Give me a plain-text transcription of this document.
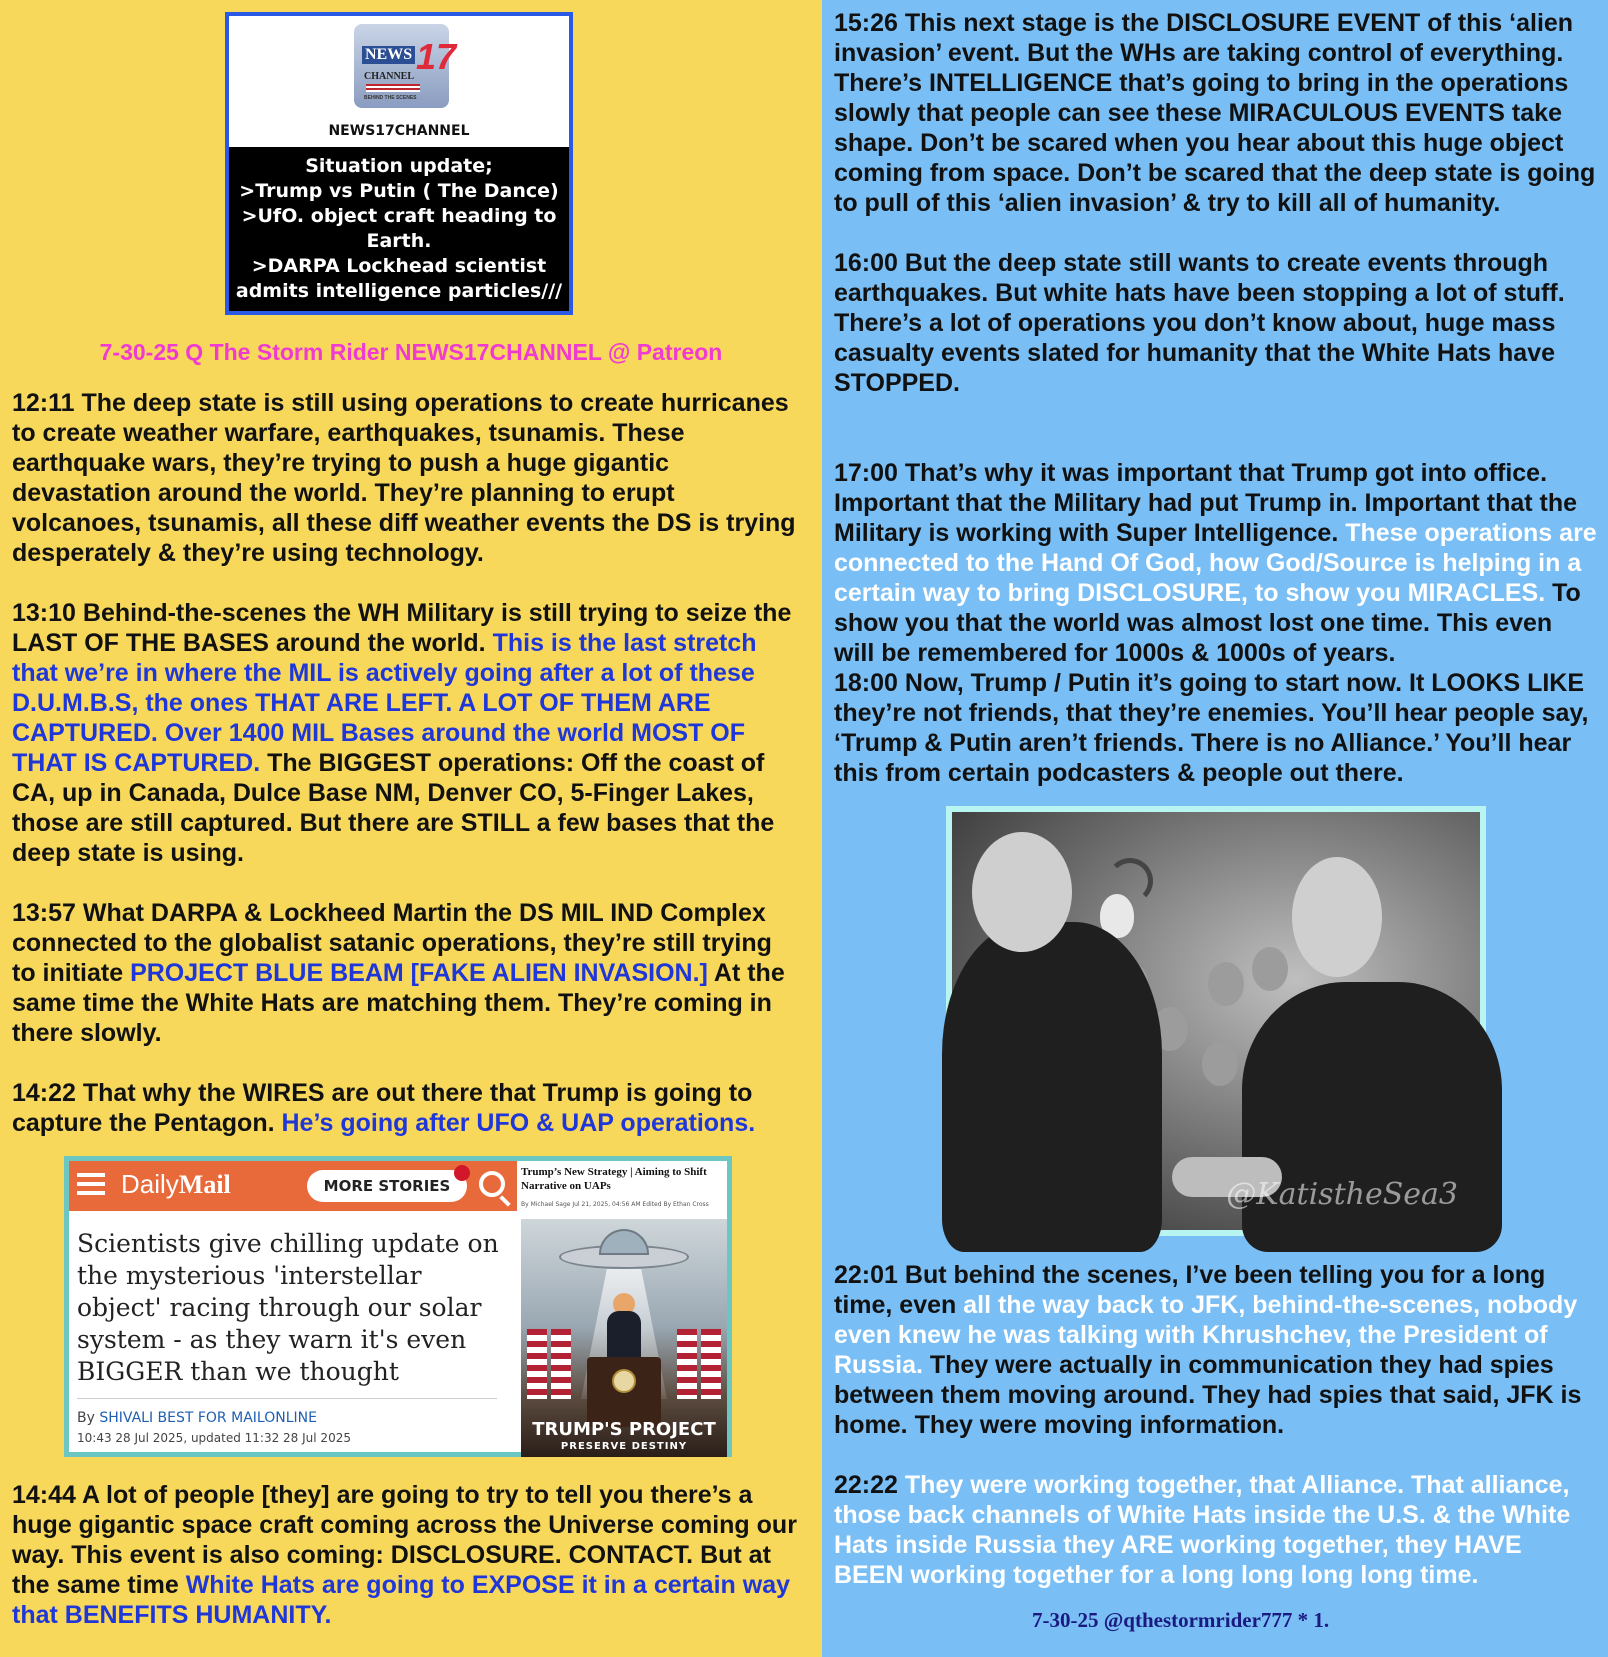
NEWS
CHANNEL
BEHIND THE SCENES
17
NEWS17CHANNEL
Situation update;
>Trump vs Putin ( The Dance)
>UfO. object craft heading to
Earth.
>DARPA Lockhead scientist
admits intelligence particles///
7-30-25 Q The Storm Rider NEWS17CHANNEL @ Patreon
12:11 The deep state is still using operations to create hurricanes to create weather warfare, earthquakes, tsunamis. These earthquake wars, they’re trying to push a huge gigantic devastation around the world. They’re planning to erupt volcanoes, tsunamis, all these diff weather events the DS is trying desperately & they’re using technology.
13:10 Behind-the-scenes the WH Military is still trying to seize the LAST OF THE BASES around the world. This is the last stretch that we’re in where the MIL is actively going after a lot of these D.U.M.B.S, the ones THAT ARE LEFT. A LOT OF THEM ARE CAPTURED. Over 1400 MIL Bases around the world MOST OF THAT IS CAPTURED. The BIGGEST operations: Off the coast of CA, up in Canada, Dulce Base NM, Denver CO, 5-Finger Lakes, those are still captured. But there are STILL a few bases that the deep state is using.
13:57 What DARPA & Lockheed Martin the DS MIL IND Complex connected to the globalist satanic operations, they’re still trying to initiate PROJECT BLUE BEAM [FAKE ALIEN INVASION.] At the same time the White Hats are matching them. They’re coming in there slowly.
14:22 That why the WIRES are out there that Trump is going to capture the Pentagon. He’s going after UFO & UAP operations.
DailyMail	MORE STORIES
Scientists give chilling update on the mysterious 'interstellar object' racing through our solar system - as they warn it's even BIGGER than we thought
By SHIVALI BEST FOR MAILONLINE
10:43 28 Jul 2025, updated 11:32 28 Jul 2025
Trump’s New Strategy | Aiming to Shift Narrative on UAPs
By Michael Sage Jul 21, 2025, 04:56 AM Edited By Ethan Cross
TRUMP'S PROJECT
PRESERVE DESTINY
14:44 A lot of people [they] are going to try to tell you there’s a huge gigantic space craft coming across the Universe coming our way. This event is also coming: DISCLOSURE. CONTACT. But at the same time White Hats are going to EXPOSE it in a certain way that BENEFITS HUMANITY.
15:26 This next stage is the DISCLOSURE EVENT of this ‘alien invasion’ event. But the WHs are taking control of everything. There’s INTELLIGENCE that’s going to bring in the operations slowly that people can see these MIRACULOUS EVENTS take shape. Don’t be scared when you hear about this huge object coming from space. Don’t be scared that the deep state is going to pull of this ‘alien invasion’ & try to kill all of humanity.
16:00 But the deep state still wants to create events through earthquakes. But white hats have been stopping a lot of stuff. There’s a lot of operations you don’t know about, huge mass casualty events slated for humanity that the White Hats have STOPPED.
17:00 That’s why it was important that Trump got into office. Important that the Military had put Trump in. Important that the Military is working with Super Intelligence. These operations are connected to the Hand Of God, how God/Source is helping in a certain way to bring DISCLOSURE, to show you MIRACLES. To show you that the world was almost lost one time. This even will be remembered for 1000s & 1000s of years.
18:00 Now, Trump / Putin it’s going to start now. It LOOKS LIKE they’re not friends, that they’re enemies. You’ll hear people say, ‘Trump & Putin aren’t friends. There is no Alliance.’ You’ll hear this from certain podcasters & people out there.
@KatistheSea3
22:01 But behind the scenes, I’ve been telling you for a long time, even all the way back to JFK, behind-the-scenes, nobody even knew he was talking with Khrushchev, the President of Russia. They were actually in communication they had spies between them moving around. They had spies that said, JFK is home. They were moving information.
22:22 They were working together, that Alliance. That alliance, those back channels of White Hats inside the U.S. & the White Hats inside Russia they ARE working together, they HAVE BEEN working together for a long long long long time.
7-30-25 @qthestormrider777 * 1.
